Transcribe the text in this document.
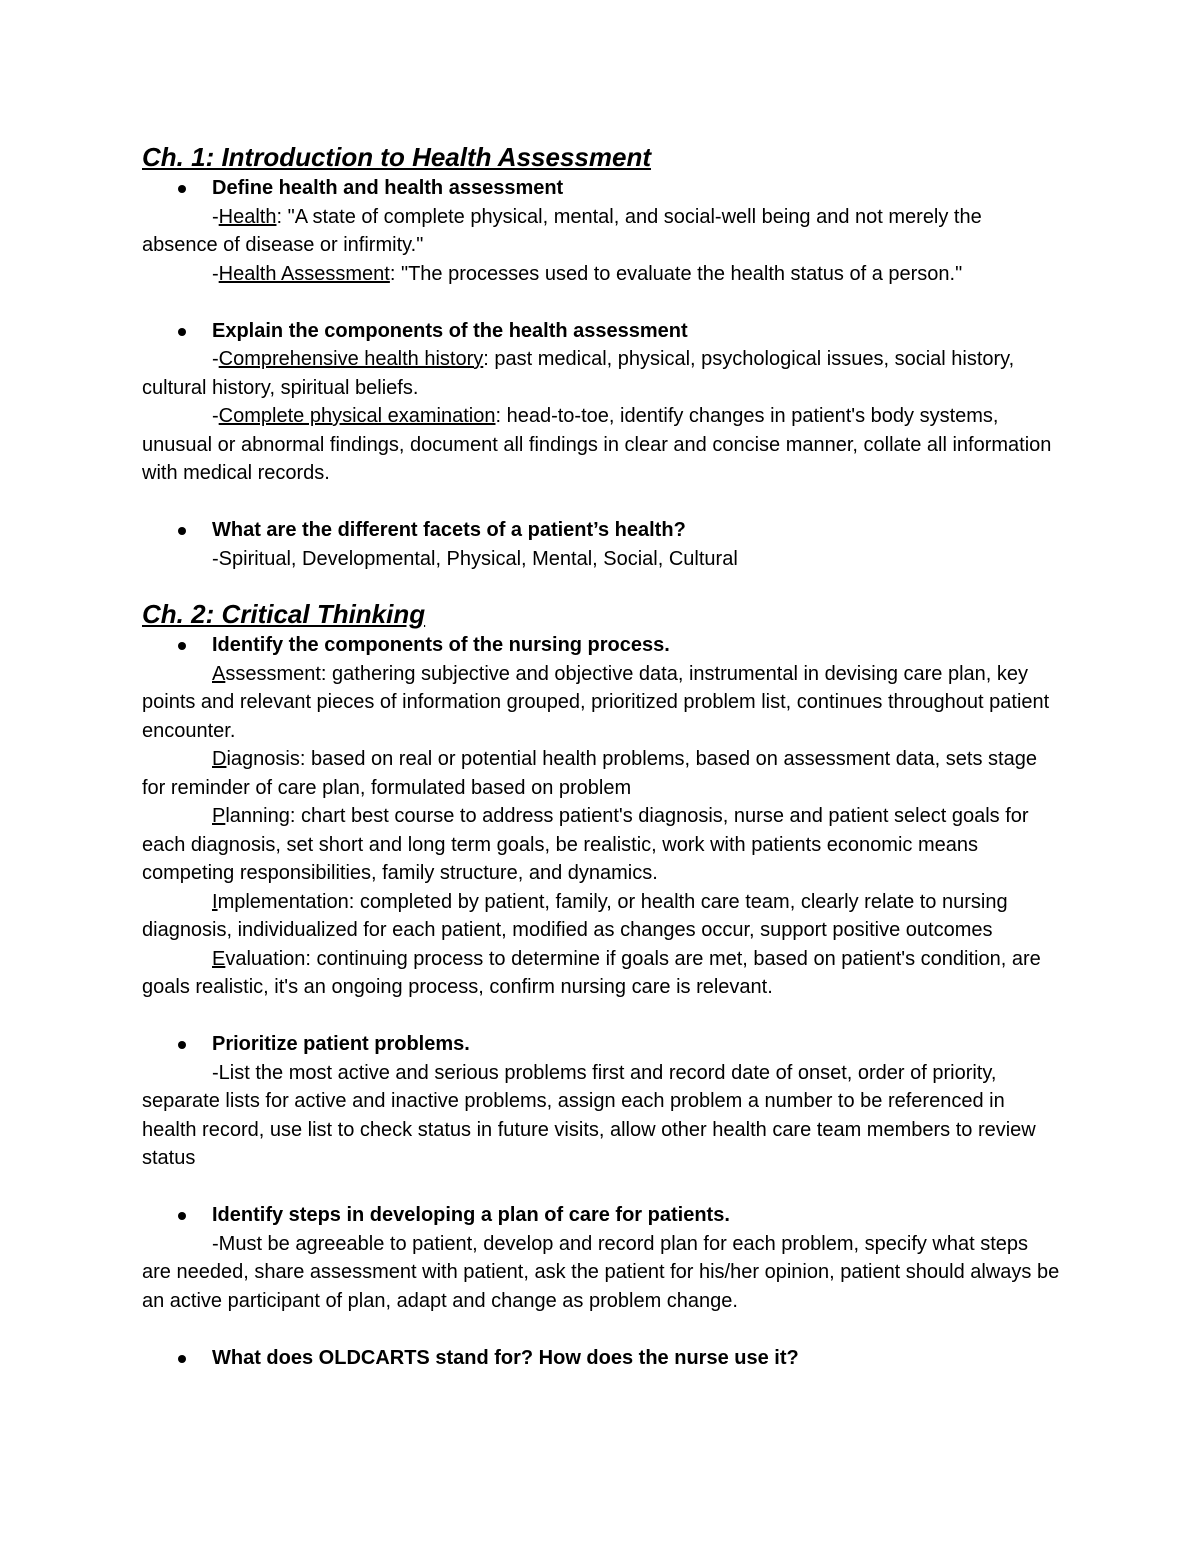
Ch. 1: Introduction to Health Assessment
Define health and health assessment

-Health: "A state of complete physical, mental, and social-well being and not merely the absence of disease or infirmity."

-Health Assessment: "The processes used to evaluate the health status of a person."

Explain the components of the health assessment

-Comprehensive health history: past medical, physical, psychological issues, social history, cultural history, spiritual beliefs.

-Complete physical examination: head-to-toe, identify changes in patient's body systems, unusual or abnormal findings, document all findings in clear and concise manner, collate all information with medical records.

What are the different facets of a patient’s health?

-Spiritual, Developmental, Physical, Mental, Social, Cultural

Ch. 2: Critical Thinking
Identify the components of the nursing process.

Assessment: gathering subjective and objective data, instrumental in devising care plan, key points and relevant pieces of information grouped, prioritized problem list, continues throughout patient encounter.

Diagnosis: based on real or potential health problems, based on assessment data, sets stage for reminder of care plan, formulated based on problem

Planning: chart best course to address patient's diagnosis, nurse and patient select goals for each diagnosis, set short and long term goals, be realistic, work with patients economic means competing responsibilities, family structure, and dynamics.

Implementation: completed by patient, family, or health care team, clearly relate to nursing diagnosis, individualized for each patient, modified as changes occur, support positive outcomes

Evaluation: continuing process to determine if goals are met, based on patient's condition, are goals realistic, it's an ongoing process, confirm nursing care is relevant.

Prioritize patient problems.

-List the most active and serious problems first and record date of onset, order of priority, separate lists for active and inactive problems, assign each problem a number to be referenced in health record, use list to check status in future visits, allow other health care team members to review status

Identify steps in developing a plan of care for patients.

-Must be agreeable to patient, develop and record plan for each problem, specify what steps are needed, share assessment with patient, ask the patient for his/her opinion, patient should always be an active participant of plan, adapt and change as problem change.

What does OLDCARTS stand for? How does the nurse use it?
